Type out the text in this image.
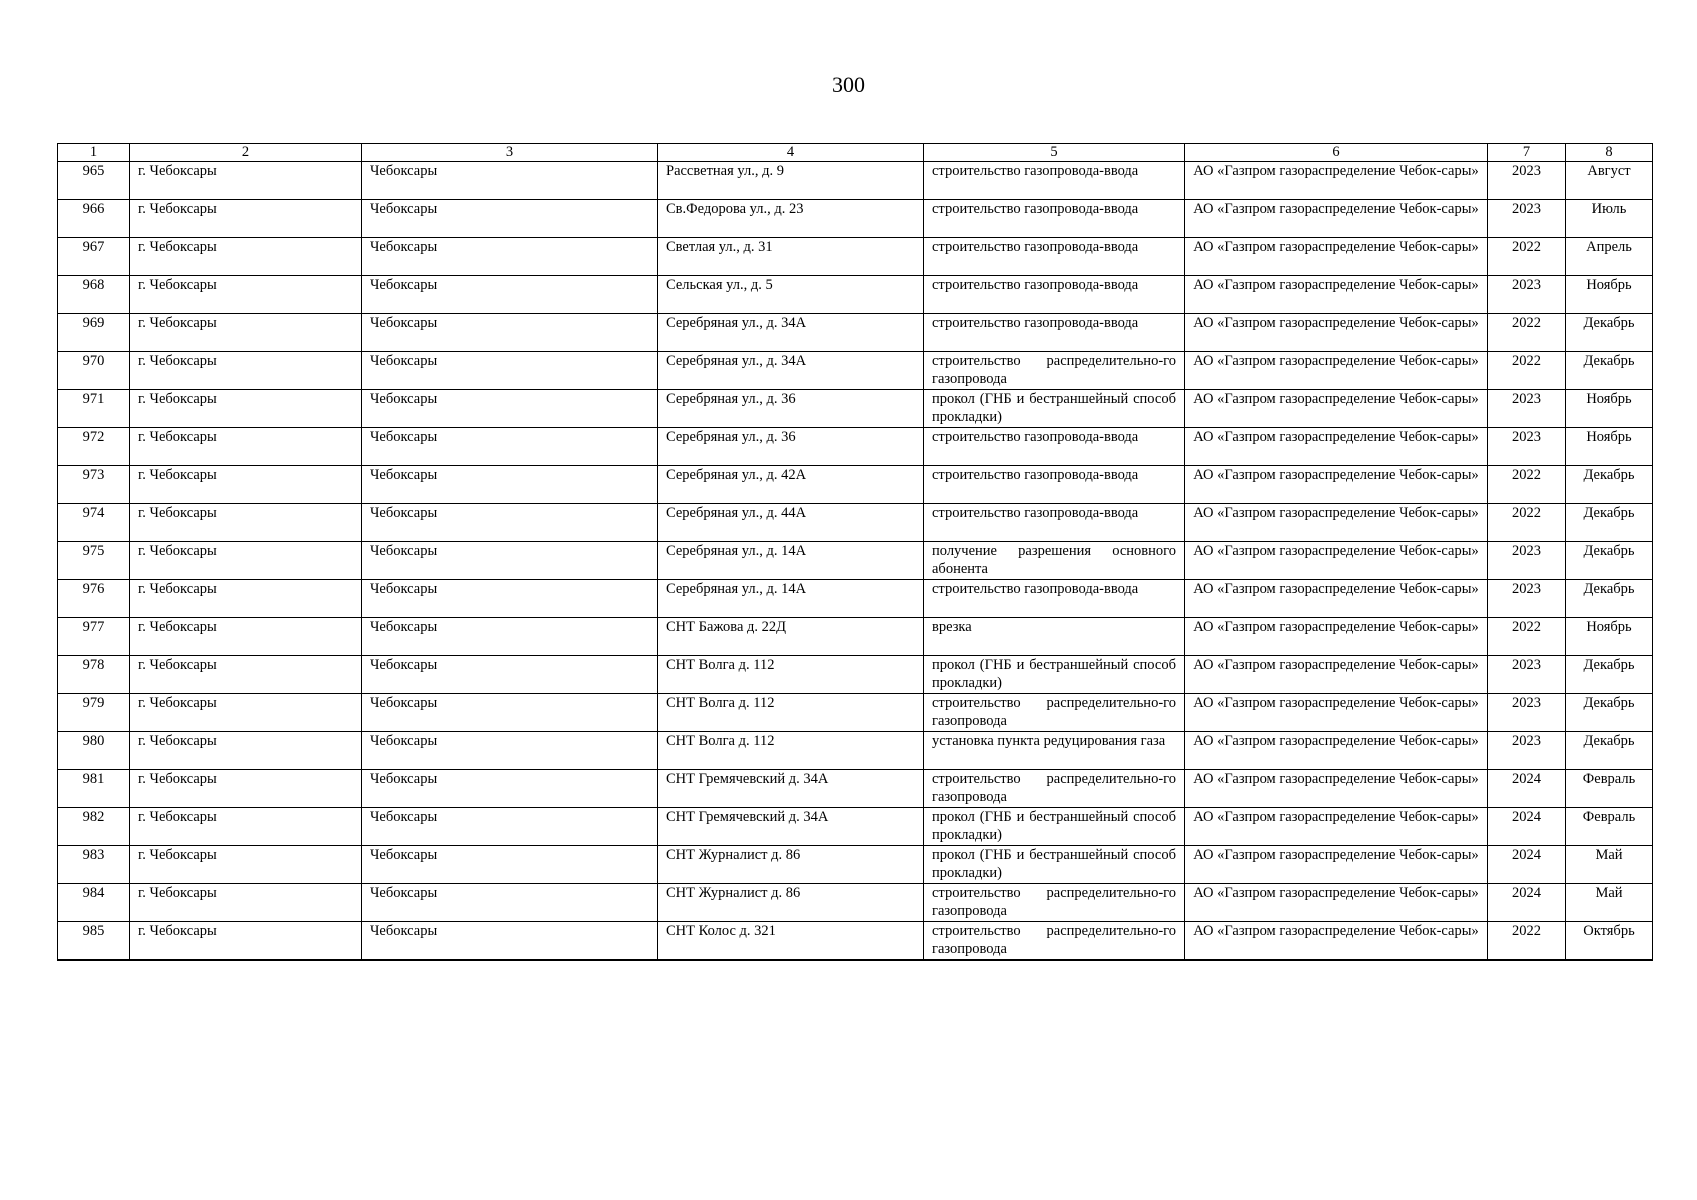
300
1	2	3	4	5	6	7	8
965	г. Чебоксары	Чебоксары	Рассветная ул., д. 9	строительство газопровода-ввода	АО «Газпром газораспределение Чебок-сары»	2023	Август
966	г. Чебоксары	Чебоксары	Св.Федорова ул., д. 23	строительство газопровода-ввода	АО «Газпром газораспределение Чебок-сары»	2023	Июль
967	г. Чебоксары	Чебоксары	Светлая ул., д. 31	строительство газопровода-ввода	АО «Газпром газораспределение Чебок-сары»	2022	Апрель
968	г. Чебоксары	Чебоксары	Сельская ул., д. 5	строительство газопровода-ввода	АО «Газпром газораспределение Чебок-сары»	2023	Ноябрь
969	г. Чебоксары	Чебоксары	Серебряная ул., д. 34А	строительство газопровода-ввода	АО «Газпром газораспределение Чебок-сары»	2022	Декабрь
970	г. Чебоксары	Чебоксары	Серебряная ул., д. 34А	строительство распределительно-го газопровода	АО «Газпром газораспределение Чебок-сары»	2022	Декабрь
971	г. Чебоксары	Чебоксары	Серебряная ул., д. 36	прокол (ГНБ и бестраншейный способ прокладки)	АО «Газпром газораспределение Чебок-сары»	2023	Ноябрь
972	г. Чебоксары	Чебоксары	Серебряная ул., д. 36	строительство газопровода-ввода	АО «Газпром газораспределение Чебок-сары»	2023	Ноябрь
973	г. Чебоксары	Чебоксары	Серебряная ул., д. 42А	строительство газопровода-ввода	АО «Газпром газораспределение Чебок-сары»	2022	Декабрь
974	г. Чебоксары	Чебоксары	Серебряная ул., д. 44А	строительство газопровода-ввода	АО «Газпром газораспределение Чебок-сары»	2022	Декабрь
975	г. Чебоксары	Чебоксары	Серебряная ул., д. 14А	получение разрешения основного абонента	АО «Газпром газораспределение Чебок-сары»	2023	Декабрь
976	г. Чебоксары	Чебоксары	Серебряная ул., д. 14А	строительство газопровода-ввода	АО «Газпром газораспределение Чебок-сары»	2023	Декабрь
977	г. Чебоксары	Чебоксары	СНТ Бажова д. 22Д	врезка	АО «Газпром газораспределение Чебок-сары»	2022	Ноябрь
978	г. Чебоксары	Чебоксары	СНТ Волга д. 112	прокол (ГНБ и бестраншейный способ прокладки)	АО «Газпром газораспределение Чебок-сары»	2023	Декабрь
979	г. Чебоксары	Чебоксары	СНТ Волга д. 112	строительство распределительно-го газопровода	АО «Газпром газораспределение Чебок-сары»	2023	Декабрь
980	г. Чебоксары	Чебоксары	СНТ Волга д. 112	установка пункта редуцирования газа	АО «Газпром газораспределение Чебок-сары»	2023	Декабрь
981	г. Чебоксары	Чебоксары	СНТ Гремячевский д. 34А	строительство распределительно-го газопровода	АО «Газпром газораспределение Чебок-сары»	2024	Февраль
982	г. Чебоксары	Чебоксары	СНТ Гремячевский д. 34А	прокол (ГНБ и бестраншейный способ прокладки)	АО «Газпром газораспределение Чебок-сары»	2024	Февраль
983	г. Чебоксары	Чебоксары	СНТ Журналист д. 86	прокол (ГНБ и бестраншейный способ прокладки)	АО «Газпром газораспределение Чебок-сары»	2024	Май
984	г. Чебоксары	Чебоксары	СНТ Журналист д. 86	строительство распределительно-го газопровода	АО «Газпром газораспределение Чебок-сары»	2024	Май
985	г. Чебоксары	Чебоксары	СНТ Колос д. 321	строительство распределительно-го газопровода	АО «Газпром газораспределение Чебок-сары»	2022	Октябрь
